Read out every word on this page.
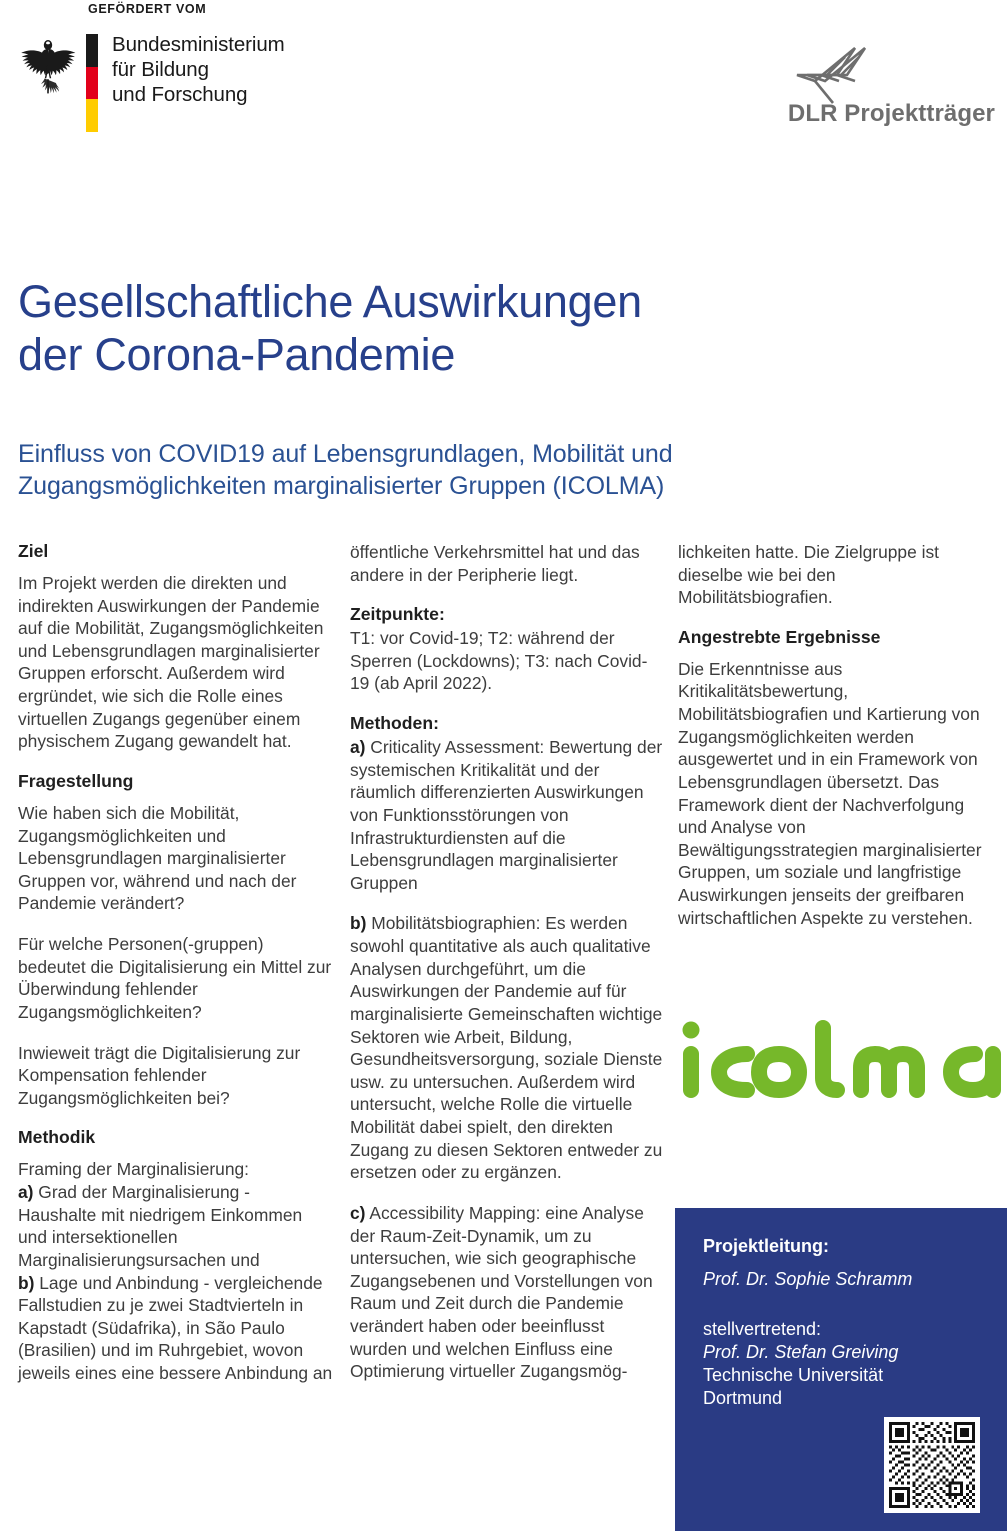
GEFÖRDERT VOM
Bundesministerium
für Bildung
und Forschung
DLR Projektträger
Gesellschaftliche Auswirkungen
der Corona-Pandemie
Einfluss von COVID19 auf Lebensgrundlagen, Mobilität und
Zugangsmöglichkeiten marginalisierter Gruppen (ICOLMA)
Ziel

Im Projekt werden die direkten und indirekten Auswirkungen der Pandemie auf die Mobilität, Zugangsmöglichkeiten und Lebensgrundlagen marginalisierter Gruppen erforscht. Außerdem wird ergründet, wie sich die Rolle eines virtuellen Zugangs gegenüber einem physischem Zugang gewandelt hat.

Fragestellung

Wie haben sich die Mobilität, Zugangsmöglichkeiten und Lebensgrundlagen marginalisierter Gruppen vor, während und nach der Pandemie verändert?

Für welche Personen(-gruppen) bedeutet die Digitalisierung ein Mittel zur Überwindung fehlender Zugangsmöglichkeiten?

Inwieweit trägt die Digitalisierung zur Kompensation fehlender Zugangsmöglichkeiten bei?

Methodik

Framing der Marginalisierung:

a) Grad der Marginalisierung - Haushalte mit niedrigem Einkommen und intersektionellen Marginalisierungsursachen und

b) Lage und Anbindung - vergleichende Fallstudien zu je zwei Stadtvierteln in Kapstadt (Südafrika), in São Paulo (Brasilien) und im Ruhrgebiet, wovon jeweils eines eine bessere Anbindung an

öffentliche Verkehrsmittel hat und das andere in der Peripherie liegt.

Zeitpunkte:

T1: vor Covid-19; T2: während der Sperren (Lockdowns); T3: nach Covid-19 (ab April 2022).

Methoden:

a) Criticality Assessment: Bewertung der systemischen Kritikalität und der räumlich differenzierten Auswirkungen von Funktionsstörungen von Infrastrukturdiensten auf die Lebensgrundlagen marginalisierter Gruppen

b) Mobilitätsbiographien: Es werden sowohl quantitative als auch qualitative Analysen durchgeführt, um die Auswirkungen der Pandemie auf für marginalisierte Gemeinschaften wichtige Sektoren wie Arbeit, Bildung, Gesundheitsversorgung, soziale Dienste usw. zu untersuchen. Außerdem wird untersucht, welche Rolle die virtuelle Mobilität dabei spielt, den direkten Zugang zu diesen Sektoren entweder zu ersetzen oder zu ergänzen.

c) Accessibility Mapping: eine Analyse der Raum-Zeit-Dynamik, um zu untersuchen, wie sich geographische Zugangsebenen und Vorstellungen von Raum und Zeit durch die Pandemie verändert haben oder beeinflusst wurden und welchen Einfluss eine Optimierung virtueller Zugangsmög-

lichkeiten hatte. Die Zielgruppe ist dieselbe wie bei den Mobilitätsbiografien.

Angestrebte Ergebnisse

Die Erkenntnisse aus Kritikalitätsbewertung, Mobilitätsbiografien und Kartierung von Zugangsmöglichkeiten werden ausgewertet und in ein Framework von Lebensgrundlagen übersetzt. Das Framework dient der Nachverfolgung und Analyse von Bewältigungsstrategien marginalisierter Gruppen, um soziale und langfristige Auswirkungen jenseits der greifbaren wirtschaftlichen Aspekte zu verstehen.

Projektleitung:
Prof. Dr. Sophie Schramm
stellvertretend:

Prof. Dr. Stefan Greiving
Technische Universität
Dortmund
